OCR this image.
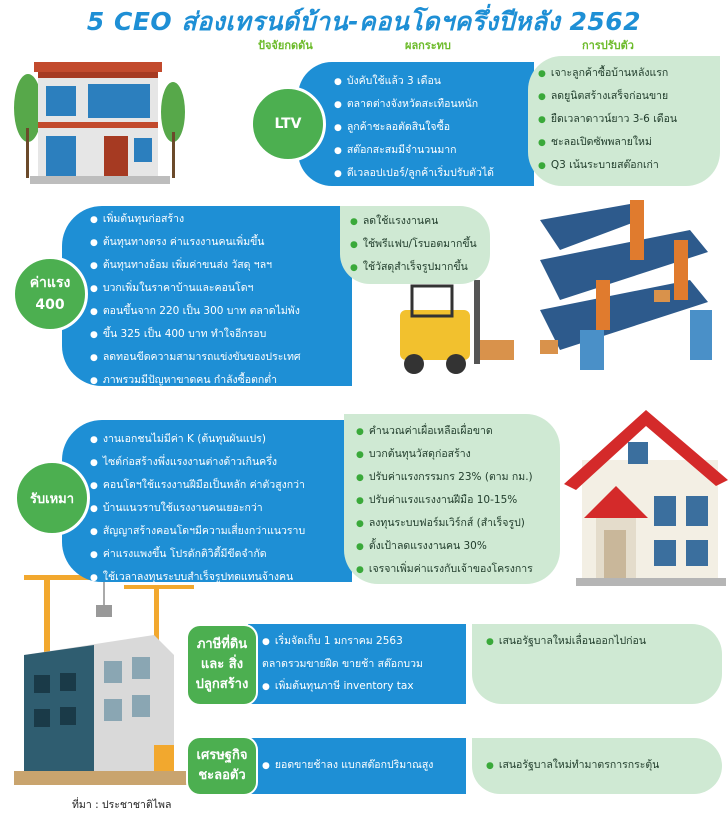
5 CEO ส่องเทรนด์บ้าน-คอนโดฯครึ่งปีหลัง 2562
ปัจจัยกดดัน	ผลกระทบ	การปรับตัว
● บังคับใช้แล้ว 3 เดือน
● ตลาดต่างจังหวัดสะเทือนหนัก
● ลูกค้าชะลอตัดสินใจซื้อ
● สต๊อกสะสมมีจำนวนมาก
● ดีเวลอปเปอร์/ลูกค้าเริ่มปรับตัวได้
● เจาะลูกค้าซื้อบ้านหลังแรก
● ลดยูนิตสร้างเสร็จก่อนขาย
● ยืดเวลาดาวน์ยาว 3-6 เดือน
● ชะลอเปิดซัพพลายใหม่
● Q3 เน้นระบายสต๊อกเก่า
LTV
● เพิ่มต้นทุนก่อสร้าง
● ต้นทุนทางตรง ค่าแรงงานคนเพิ่มขึ้น
● ต้นทุนทางอ้อม เพิ่มค่าขนส่ง วัสดุ ฯลฯ
● บวกเพิ่มในราคาบ้านและคอนโดฯ
● ตอนขึ้นจาก 220 เป็น 300 บาท ตลาดไม่พัง
● ขึ้น 325 เป็น 400 บาท ทำใจอีกรอบ
● ลดทอนขีดความสามารถแข่งขันของประเทศ
● ภาพรวมมีปัญหาขาดคน กำลังซื้อตกต่ำ
● ลดใช้แรงงานคน
● ใช้พรีแฟบ/โรบอตมากขึ้น
● ใช้วัสดุสำเร็จรูปมากขึ้น
ค่าแรง
400
● งานเอกชนไม่มีค่า K (ต้นทุนผันแปร)
● ไซต์ก่อสร้างพึ่งแรงงานต่างด้าวเกินครึ่ง
● คอนโดฯใช้แรงงานฝีมือเป็นหลัก ค่าตัวสูงกว่า
● บ้านแนวราบใช้แรงงานคนเยอะกว่า
● สัญญาสร้างคอนโดฯมีความเสี่ยงกว่าแนวราบ
● ค่าแรงแพงขึ้น โปรดักติวิตี้มีขีดจำกัด
● ใช้เวลาลงทุนระบบสำเร็จรูปทดแทนจ้างคน
● คำนวณค่าเผื่อเหลือเผื่อขาด
● บวกต้นทุนวัสดุก่อสร้าง
● ปรับค่าแรงกรรมกร 23% (ตาม กม.)
● ปรับค่าแรงแรงงานฝีมือ 10-15%
● ลงทุนระบบฟอร์มเวิร์กส์ (สำเร็จรูป)
● ตั้งเป้าลดแรงงานคน 30%
● เจรจาเพิ่มค่าแรงกับเจ้าของโครงการ
รับเหมา
● เริ่มจัดเก็บ 1 มกราคม 2563
ตลาดรวมขายฝืด ขายช้า สต๊อกบวม
● เพิ่มต้นทุนภาษี inventory tax
● เสนอรัฐบาลใหม่เลื่อนออกไปก่อน
ภาษีที่ดิน และ สิ่งปลูกสร้าง
● ยอดขายช้าลง แบกสต๊อกปริมาณสูง
●	เสนอรัฐบาลใหม่ทำมาตรการกระตุ้น
เศรษฐกิจ ชะลอตัว
ที่มา : ประชาชาติไพล
